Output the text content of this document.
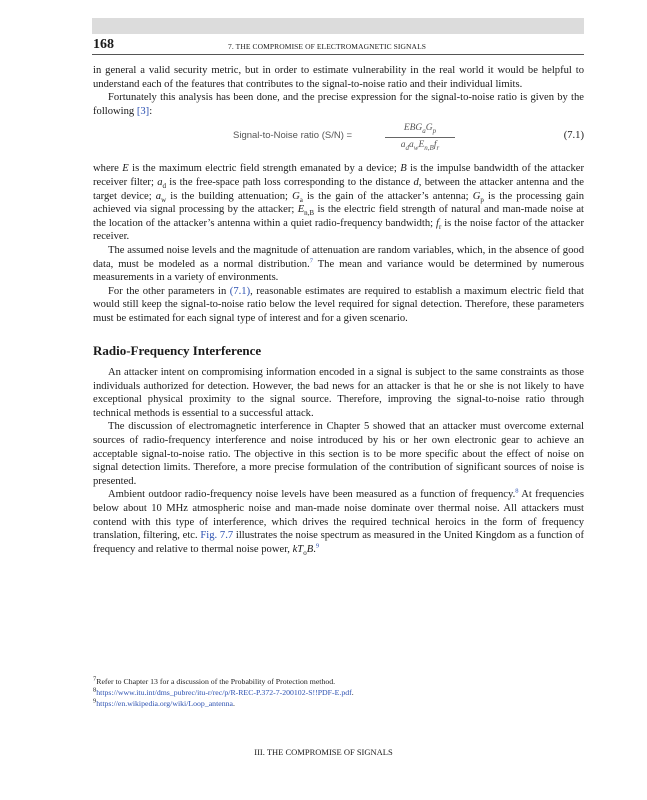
168	7. THE COMPROMISE OF ELECTROMAGNETIC SIGNALS

in general a valid security metric, but in order to estimate vulnerability in the real world it would be helpful to understand each of the features that contributes to the signal-to-noise ratio and their individual limits.

Fortunately this analysis has been done, and the precise expression for the signal-to-noise ratio is given by the following [3]:

Signal-to-Noise ratio (S/N) =
$EBG_aG_p$
$a_da_wE_{n,B}f_r$
(7.1)

where E is the maximum electric field strength emanated by a device; B is the impulse bandwidth of the attacker receiver filter; $a_d$ is the free-space path loss corresponding to the distance d, between the attacker antenna and the target device; $a_w$ is the building attenuation; $G_a$ is the gain of the attacker’s antenna; $G_p$ is the processing gain achieved via signal processing by the attacker; $E_{n,B}$ is the electric field strength of natural and man-made noise at the location of the attacker’s antenna within a quiet radio-frequency bandwidth; $f_r$ is the noise factor of the attacker receiver.

The assumed noise levels and the magnitude of attenuation are random variables, which, in the absence of good data, must be modeled as a normal distribution.$^7$ The mean and variance would be determined by numerous measurements in a variety of environments.

For the other parameters in (7.1), reasonable estimates are required to establish a maximum electric field that would still keep the signal-to-noise ratio below the level required for signal detection. Therefore, these parameters must be estimated for each signal type of interest and for a given scenario.

Radio-Frequency Interference

An attacker intent on compromising information encoded in a signal is subject to the same constraints as those individuals authorized for detection. However, the bad news for an attacker is that he or she is not likely to have exceptional physical proximity to the signal source. Therefore, improving the signal-to-noise ratio through technical methods is essential to a successful attack.

The discussion of electromagnetic interference in Chapter 5 showed that an attacker must overcome external sources of radio-frequency interference and noise introduced by his or her own electronic gear to achieve an acceptable signal-to-noise ratio. The objective in this section is to be more specific about the effect of noise on signal detection limits. Therefore, a more precise formulation of the contribution of significant sources of noise is presented.

Ambient outdoor radio-frequency noise levels have been measured as a function of frequency.$^8$ At frequencies below about 10 MHz atmospheric noise and man-made noise dominate over thermal noise. All attackers must contend with this type of interference, which drives the required technical heroics in the form of frequency translation, filtering, etc. Fig. 7.7 illustrates the noise spectrum as measured in the United Kingdom as a function of frequency and relative to thermal noise power, $kT_oB.^9$

$^7$Refer to Chapter 13 for a discussion of the Probability of Protection method.
$^8$https://www.itu.int/dms_pubrec/itu-r/rec/p/R-REC-P.372-7-200102-S!!PDF-E.pdf.
$^9$https://en.wikipedia.org/wiki/Loop_antenna.
III. THE COMPROMISE OF SIGNALS
